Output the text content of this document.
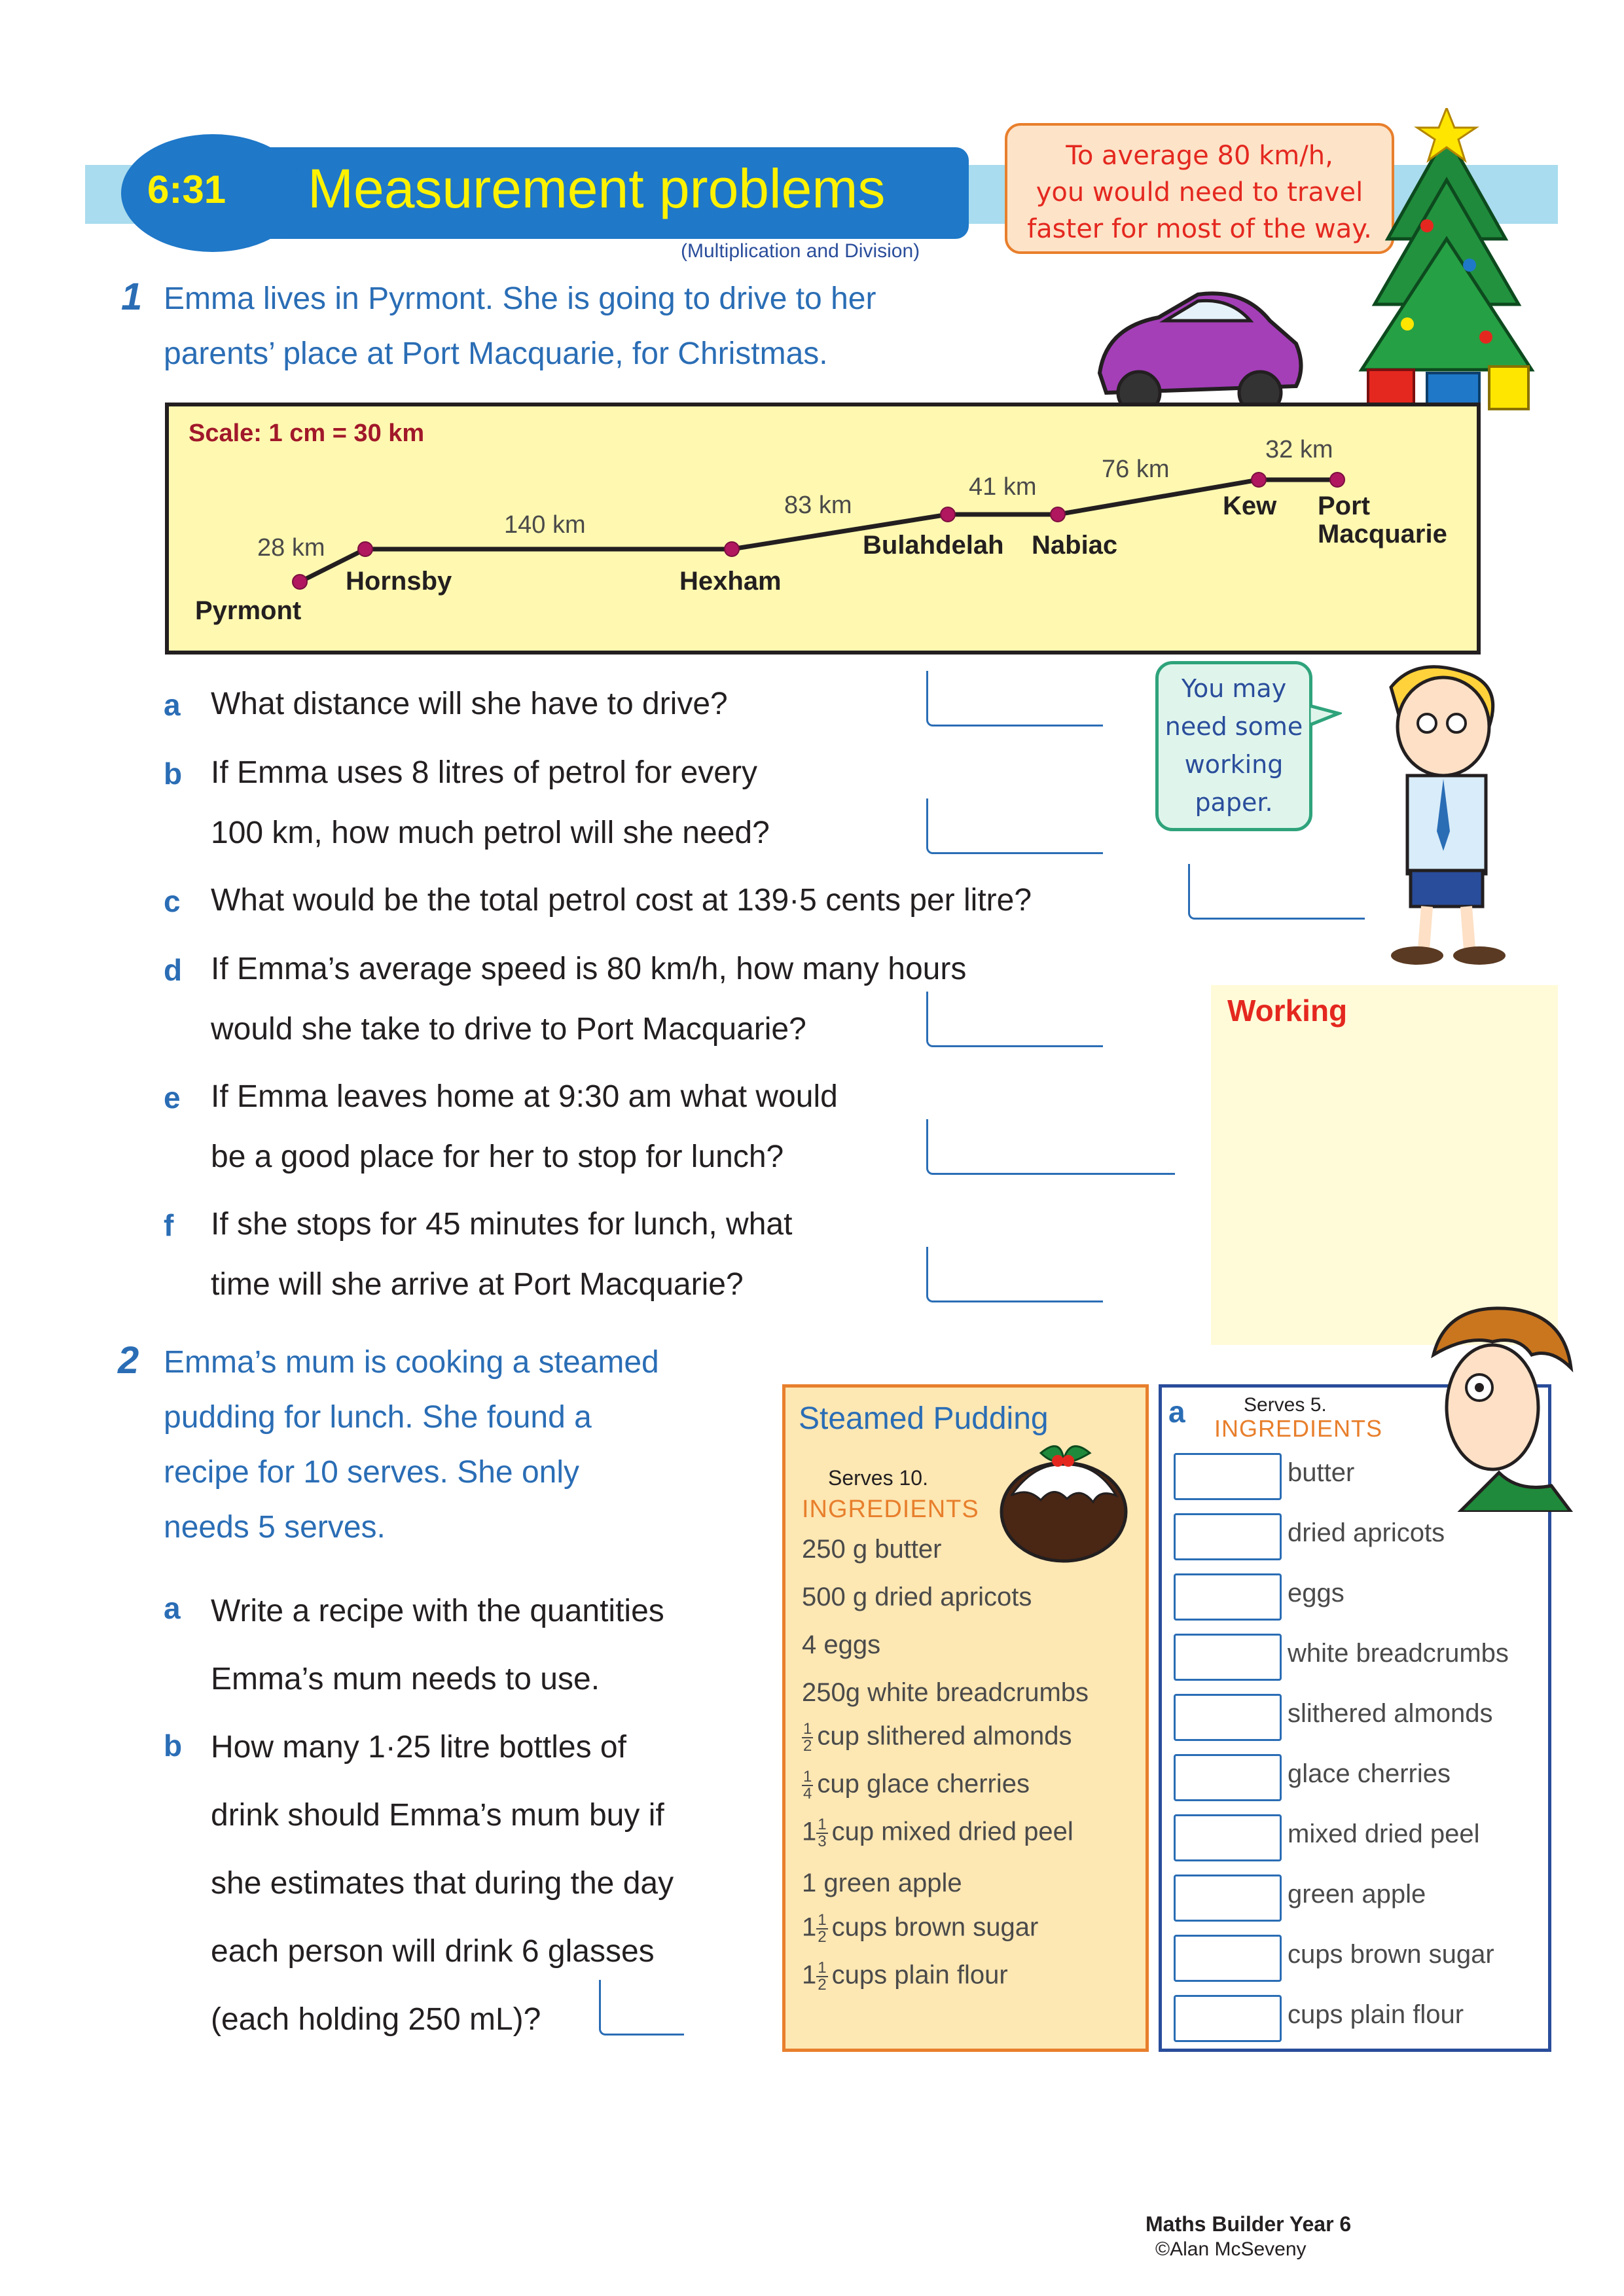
6:31 Measurement problems
(Multiplication and Division)
To average 80 km/h,
you would need to travel
faster for most of the way.
1 Emma lives in Pyrmont. She is going to drive to her
parents’ place at Port Macquarie, for Christmas.
Scale: 1 cm = 30 km
Pyrmont
Hornsby	Hexham
Bulahdelah Nabiac
Kew Port
Macquarie
28 km
140 km
83 km
41 km
76 km
32 km
a What distance will she have to drive?
b If Emma uses 8 litres of petrol for every
100 km, how much petrol will she need?
c What would be the total petrol cost at 139·5 cents per litre?
d If Emma’s average speed is 80 km/h, how many hours
would she take to drive to Port Macquarie?
e If Emma leaves home at 9:30 am what would
be a good place for her to stop for lunch?
f If she stops for 45 minutes for lunch, what
time will she arrive at Port Macquarie?
You may
need some
working
paper.
Working
2 Emma’s mum is cooking a steamed
pudding for lunch. She found a
recipe for 10 serves. She only
needs 5 serves.
a Write a recipe with the quantities
Emma’s mum needs to use.
b How many 1·25 litre bottles of
drink should Emma’s mum buy if
she estimates that during the day
each person will drink 6 glasses
(each holding 250 mL)?
Steamed Pudding
Serves 10.
INGREDIENTS
250 g butter
500 g dried apricots
4 eggs
250g white breadcrumbs
$\frac{1}{2}$ cup slithered almonds
$\frac{1}{4}$ cup glace cherries
$1 \frac{1}{3}$ cup mixed dried peel
1 green apple
$1 \frac{1}{2}$ cups brown sugar
$1 \frac{1}{2}$ cups plain flour
a	Serves 5.
INGREDIENTS
butter
dried apricots
eggs
white breadcrumbs
slithered almonds
glace cherries
mixed dried peel
green apple
cups brown sugar
cups plain flour
Maths Builder Year 6
©Alan McSeveny
